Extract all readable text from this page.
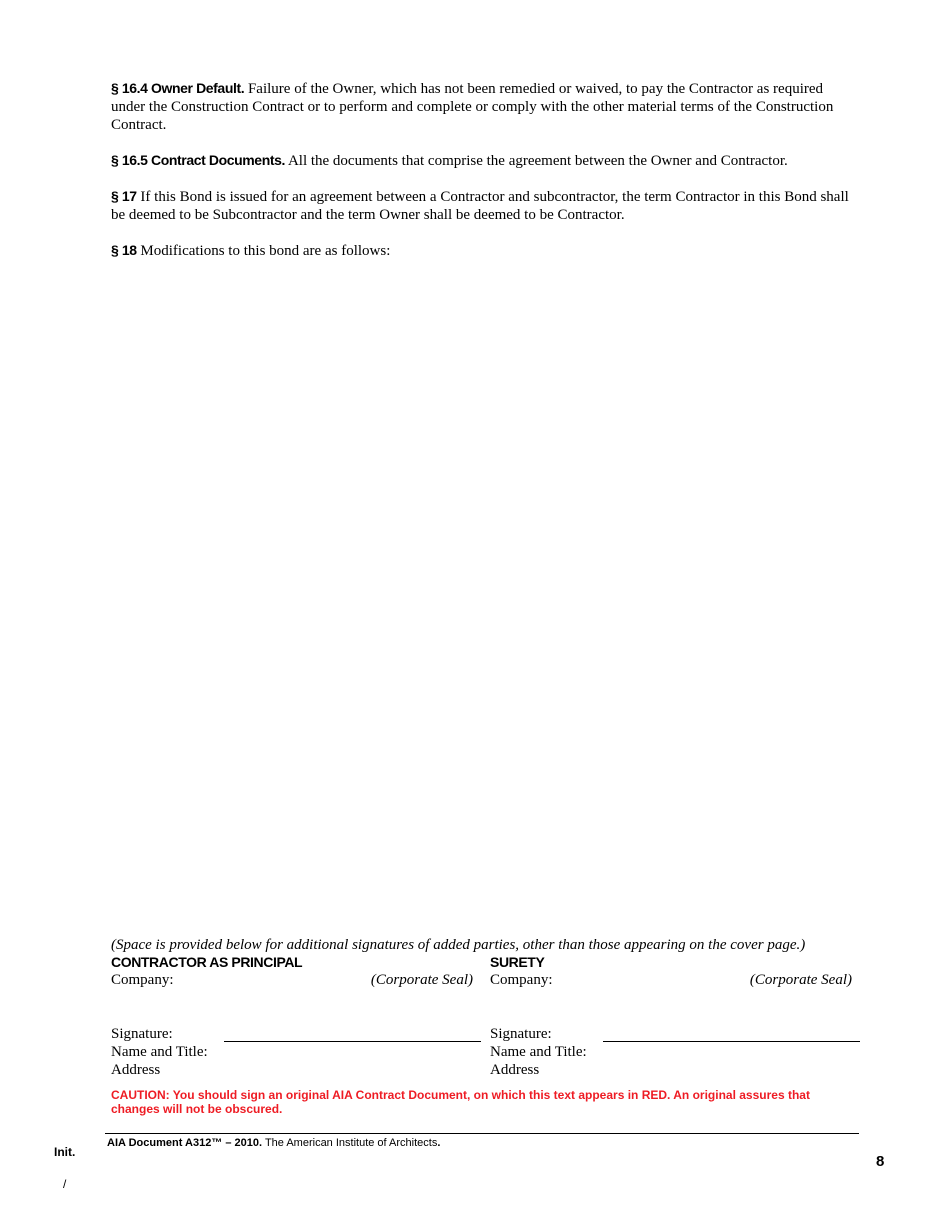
§ 16.4 Owner Default. Failure of the Owner, which has not been remedied or waived, to pay the Contractor as required under the Construction Contract or to perform and complete or comply with the other material terms of the Construction Contract.

§ 16.5 Contract Documents. All the documents that comprise the agreement between the Owner and Contractor.

§ 17 If this Bond is issued for an agreement between a Contractor and subcontractor, the term Contractor in this Bond shall be deemed to be Subcontractor and the term Owner shall be deemed to be Contractor.

§ 18 Modifications to this bond are as follows:

(Space is provided below for additional signatures of added parties, other than those appearing on the cover page.)
CONTRACTOR AS PRINCIPAL
Company:	(Corporate Seal)
Signature:
Name and Title:
Address
SURETY
Company:	(Corporate Seal)
Signature:
Name and Title:
Address
CAUTION: You should sign an original AIA Contract Document, on which this text appears in RED. An original assures that changes will not be obscured.
AIA Document A312™ – 2010. The American Institute of Architects.
Init.
/
8
